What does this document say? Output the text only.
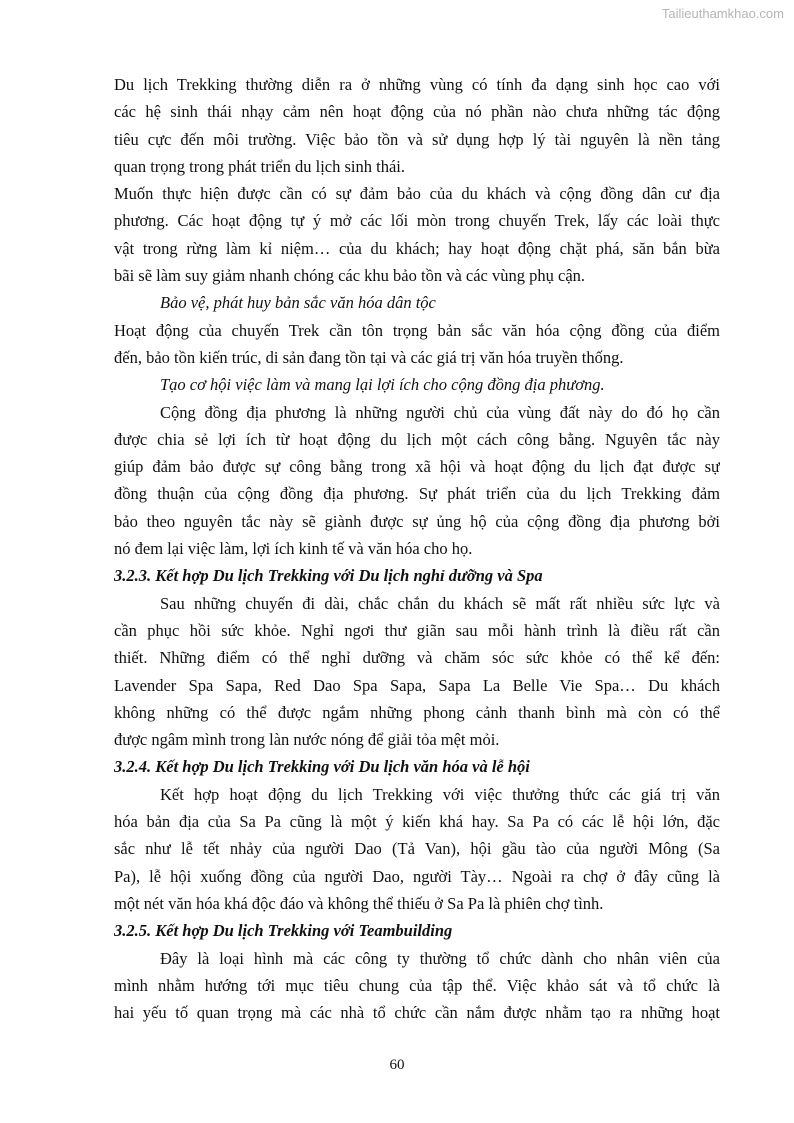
Tailieuthamkhao.com
Du lịch Trekking thường diễn ra ở những vùng có tính đa dạng sinh học cao với
các hệ sinh thái nhạy cảm nên hoạt động của nó phần nào chưa những tác động
tiêu cực đến môi trường. Việc bảo tồn và sử dụng hợp lý tài nguyên là nền tảng
quan trọng trong phát triển du lịch sinh thái.
Muốn thực hiện được cần có sự đảm bảo của du khách và cộng đồng dân cư địa
phương. Các hoạt động tự ý mở các lối mòn trong chuyến Trek, lấy các loài thực
vật trong rừng làm kỉ niệm… của du khách; hay hoạt động chặt phá, săn bắn bừa
bãi sẽ làm suy giảm nhanh chóng các khu bảo tồn và các vùng phụ cận.
Bảo vệ, phát huy bản sắc văn hóa dân tộc
Hoạt động của chuyến Trek cần tôn trọng bản sắc văn hóa cộng đồng của điểm
đến, bảo tồn kiến trúc, di sản đang tồn tại và các giá trị văn hóa truyền thống.
Tạo cơ hội việc làm và mang lại lợi ích cho cộng đồng địa phương.
Cộng đồng địa phương là những người chủ của vùng đất này do đó họ cần
được chia sẻ lợi ích từ hoạt động du lịch một cách công bằng. Nguyên tắc này
giúp đảm bảo được sự công bằng trong xã hội và hoạt động du lịch đạt được sự
đồng thuận của cộng đồng địa phương. Sự phát triển của du lịch Trekking đảm
bảo theo nguyên tắc này sẽ giành được sự ủng hộ của cộng đồng địa phương bởi
nó đem lại việc làm, lợi ích kinh tế và văn hóa cho họ.
3.2.3. Kết hợp Du lịch Trekking với Du lịch nghỉ dưỡng và Spa
Sau những chuyến đi dài, chắc chắn du khách sẽ mất rất nhiều sức lực và
cần phục hồi sức khỏe. Nghỉ ngơi thư giãn sau mỗi hành trình là điều rất cần
thiết. Những điểm có thể nghỉ dưỡng và chăm sóc sức khỏe có thể kể đến:
Lavender Spa Sapa, Red Dao Spa Sapa, Sapa La Belle Vie Spa… Du khách
không những có thể được ngắm những phong cảnh thanh bình mà còn có thể
được ngâm mình trong làn nước nóng để giải tỏa mệt mỏi.
3.2.4. Kết hợp Du lịch Trekking với Du lịch văn hóa và lễ hội
Kết hợp hoạt động du lịch Trekking với việc thưởng thức các giá trị văn
hóa bản địa của Sa Pa cũng là một ý kiến khá hay. Sa Pa có các lễ hội lớn, đặc
sắc như lễ tết nhảy của người Dao (Tả Van), hội gầu tào của người Mông (Sa
Pa), lễ hội xuống đồng của người Dao, người Tày… Ngoài ra chợ ở đây cũng là
một nét văn hóa khá độc đáo và không thể thiếu ở Sa Pa là phiên chợ tình.
3.2.5. Kết hợp Du lịch Trekking với Teambuilding
Đây là loại hình mà các công ty thường tổ chức dành cho nhân viên của
mình nhằm hướng tới mục tiêu chung của tập thể. Việc khảo sát và tổ chức là
hai yếu tố quan trọng mà các nhà tổ chức cần nắm được nhằm tạo ra những hoạt
60
